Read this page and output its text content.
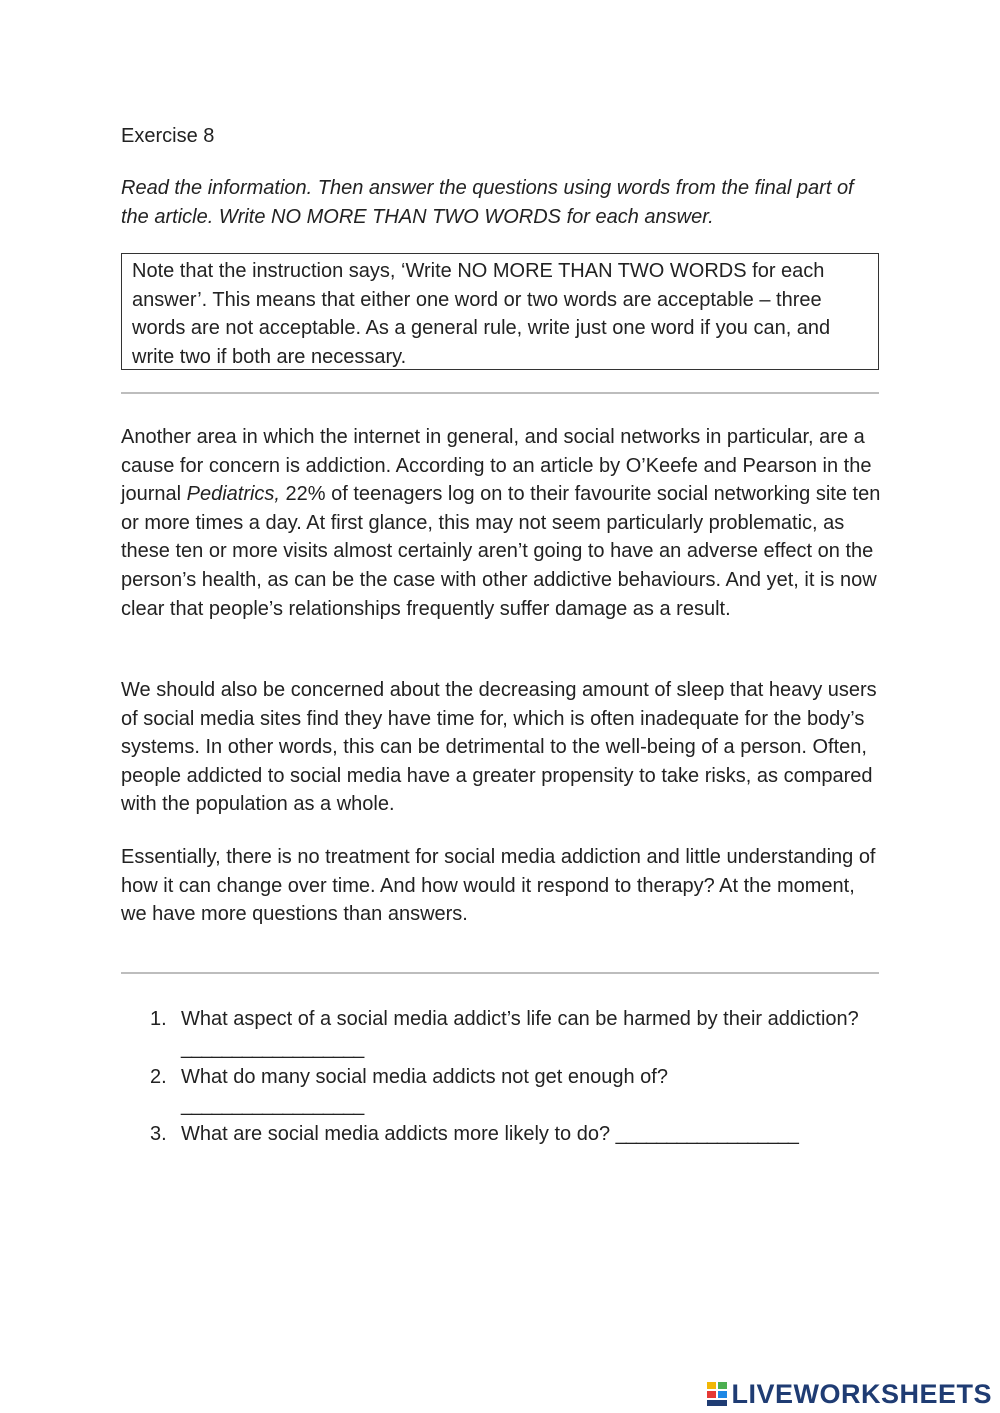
Exercise 8
Read the information. Then answer the questions using words from the final part of the article. Write NO MORE THAN TWO WORDS for each answer.
Note that the instruction says, ‘Write NO MORE THAN TWO WORDS for each answer’. This means that either one word or two words are acceptable – three words are not acceptable. As a general rule, write just one word if you can, and write two if both are necessary.
Another area in which the internet in general, and social networks in particular, are a cause for concern is addiction. According to an article by O’Keefe and Pearson in the journal Pediatrics, 22% of teenagers log on to their favourite social networking site ten or more times a day. At first glance, this may not seem particularly problematic, as these ten or more visits almost certainly aren’t going to have an adverse effect on the person’s health, as can be the case with other addictive behaviours. And yet, it is now clear that people’s relationships frequently suffer damage as a result.
We should also be concerned about the decreasing amount of sleep that heavy users of social media sites find they have time for, which is often inadequate for the body’s systems. In other words, this can be detrimental to the well-being of a person. Often, people addicted to social media have a greater propensity to take risks, as compared with the population as a whole.
Essentially, there is no treatment for social media addiction and little understanding of how it can change over time. And how would it respond to therapy? At the moment, we have more questions than answers.
1. What aspect of a social media addict’s life can be harmed by their addiction? __________________
2. What do many social media addicts not get enough of?
__________________
3. What are social media addicts more likely to do? __________________
LIVEWORKSHEETS
